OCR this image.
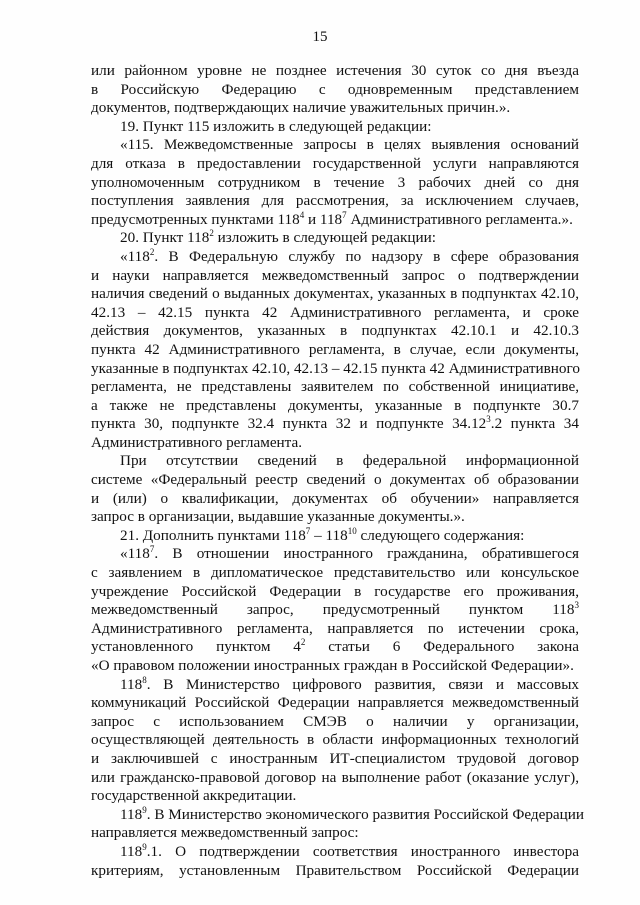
15
или районном уровне не позднее истечения 30 суток со дня въезда
в Российскую Федерацию с одновременным представлением
документов, подтверждающих наличие уважительных причин.».
19. Пункт 115 изложить в следующей редакции:
«115. Межведомственные запросы в целях выявления оснований
для отказа в предоставлении государственной услуги направляются
уполномоченным сотрудником в течение 3 рабочих дней со дня
поступления заявления для рассмотрения, за исключением случаев,
предусмотренных пунктами $118^4$ и $118^7$ Административного регламента.».
20. Пункт $118^2$ изложить в следующей редакции:
«$118^2$. В Федеральную службу по надзору в сфере образования
и науки направляется межведомственный запрос о подтверждении
наличия сведений о выданных документах, указанных в подпунктах 42.10,
42.13 – 42.15 пункта 42 Административного регламента, и сроке
действия документов, указанных в подпунктах 42.10.1 и 42.10.3
пункта 42 Административного регламента, в случае, если документы,
указанные в подпунктах 42.10, 42.13 – 42.15 пункта 42 Административного
регламента, не представлены заявителем по собственной инициативе,
а также не представлены документы, указанные в подпункте 30.7
пункта 30, подпункте 32.4 пункта 32 и подпункте 34.12$^3$.2 пункта 34
Административного регламента.
При отсутствии сведений в федеральной информационной
системе «Федеральный реестр сведений о документах об образовании
и (или) о квалификации, документах об обучении» направляется
запрос в организации, выдавшие указанные документы.».
21. Дополнить пунктами $118^7 - 118^{10}$ следующего содержания:
«$118^7$. В отношении иностранного гражданина, обратившегося
с заявлением в дипломатическое представительство или консульское
учреждение Российской Федерации в государстве его проживания,
межведомственный запрос, предусмотренный пунктом $118^3$
Административного регламента, направляется по истечении срока,
установленного пунктом $4^2$ статьи 6 Федерального закона
«О правовом положении иностранных граждан в Российской Федерации».
$118^8$. В Министерство цифрового развития, связи и массовых
коммуникаций Российской Федерации направляется межведомственный
запрос с использованием СМЭВ о наличии у организации,
осуществляющей деятельность в области информационных технологий
и заключившей с иностранным ИТ-специалистом трудовой договор
или гражданско-правовой договор на выполнение работ (оказание услуг),
государственной аккредитации.
$118^9$. В Министерство экономического развития Российской Федерации
направляется межведомственный запрос:
$118^9.1$. О подтверждении соответствия иностранного инвестора
критериям, установленным Правительством Российской Федерации
